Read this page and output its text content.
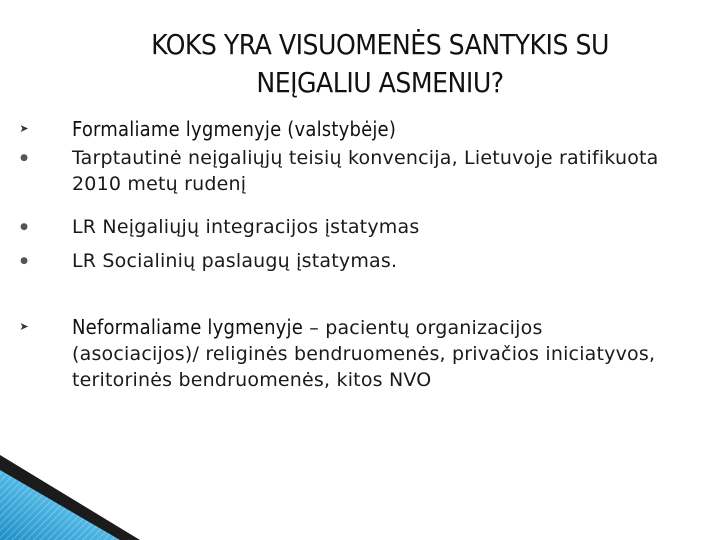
KOKS YRA VISUOMENĖS SANTYKIS SU
NEĮGALIU ASMENIU?
➤ Formaliame lygmenyje (valstybėje)
● Tarptautinė neįgaliųjų teisių konvencija, Lietuvoje ratifikuota 2010 metų rudenį
● LR Neįgaliųjų integracijos įstatymas
● LR Socialinių paslaugų įstatymas.
➤ Neformaliame lygmenyje – pacientų organizacijos (asociacijos)/ religinės bendruomenės, privačios iniciatyvos, teritorinės bendruomenės, kitos NVO
